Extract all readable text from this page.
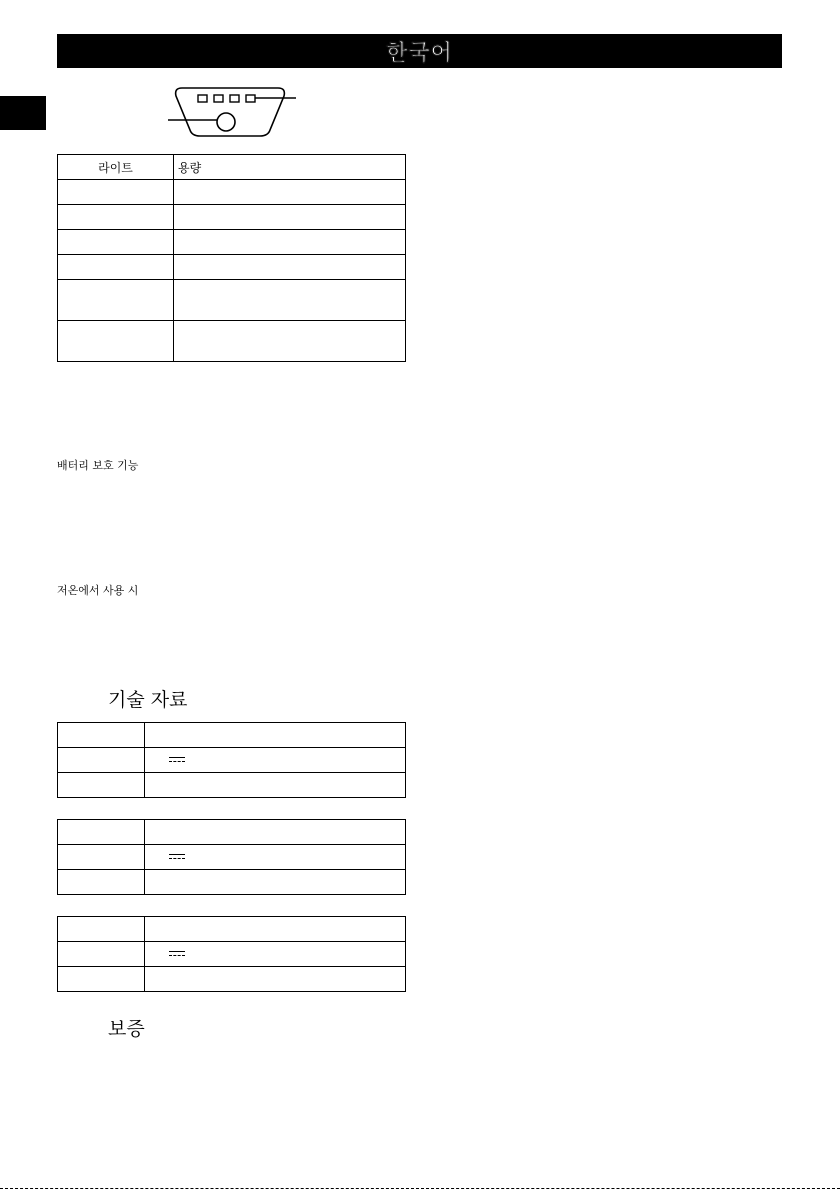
한국어
라이트	용량

배터리 보호 기능
저온에서 사용 시
기술 자료

보증
